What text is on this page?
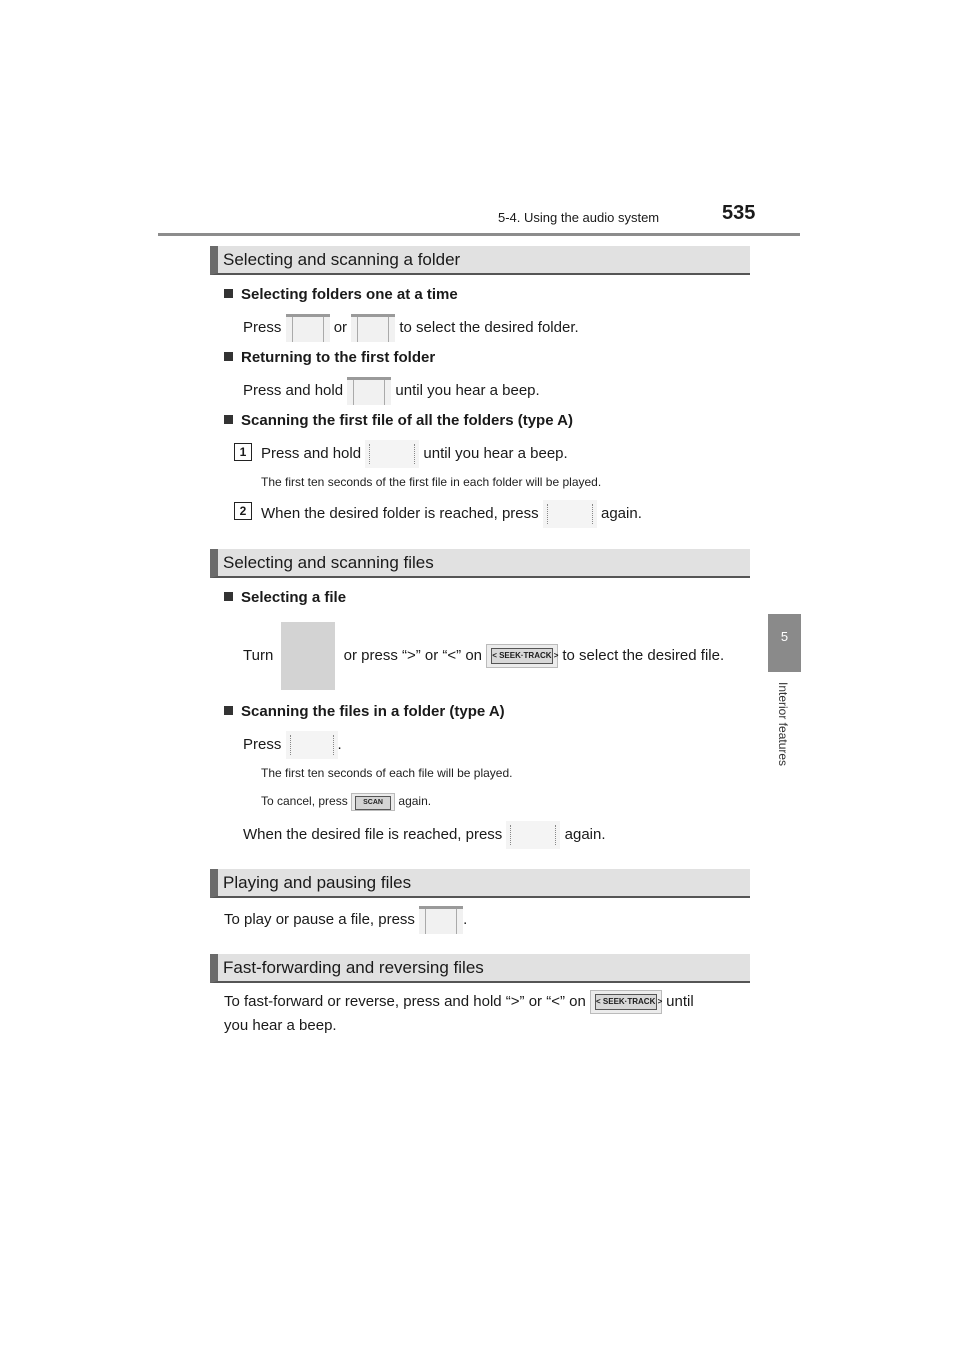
5-4. Using the audio system	535
5
Interior features
Selecting and scanning a folder
Selecting folders one at a time
Press	or	to select the desired folder.
Returning to the first folder
Press and hold	until you hear a beep.
Scanning the first file of all the folders (type A)
1 Press and hold	until you hear a beep.
The first ten seconds of the first file in each folder will be played.
2 When the desired folder is reached, press	again.
Selecting and scanning files
Selecting a file
Turn	or press “>” or “<” on < SEEK·TRACK > to select the desired file.
Scanning the files in a folder (type A)
Press	.
The first ten seconds of each file will be played.
To cancel, press	SCAN	again.
When the desired file is reached, press	again.
Playing and pausing files
To play or pause a file, press	.
Fast-forwarding and reversing files
To fast-forward or reverse, press and hold “>” or “<” on < SEEK·TRACK > until
you hear a beep.
